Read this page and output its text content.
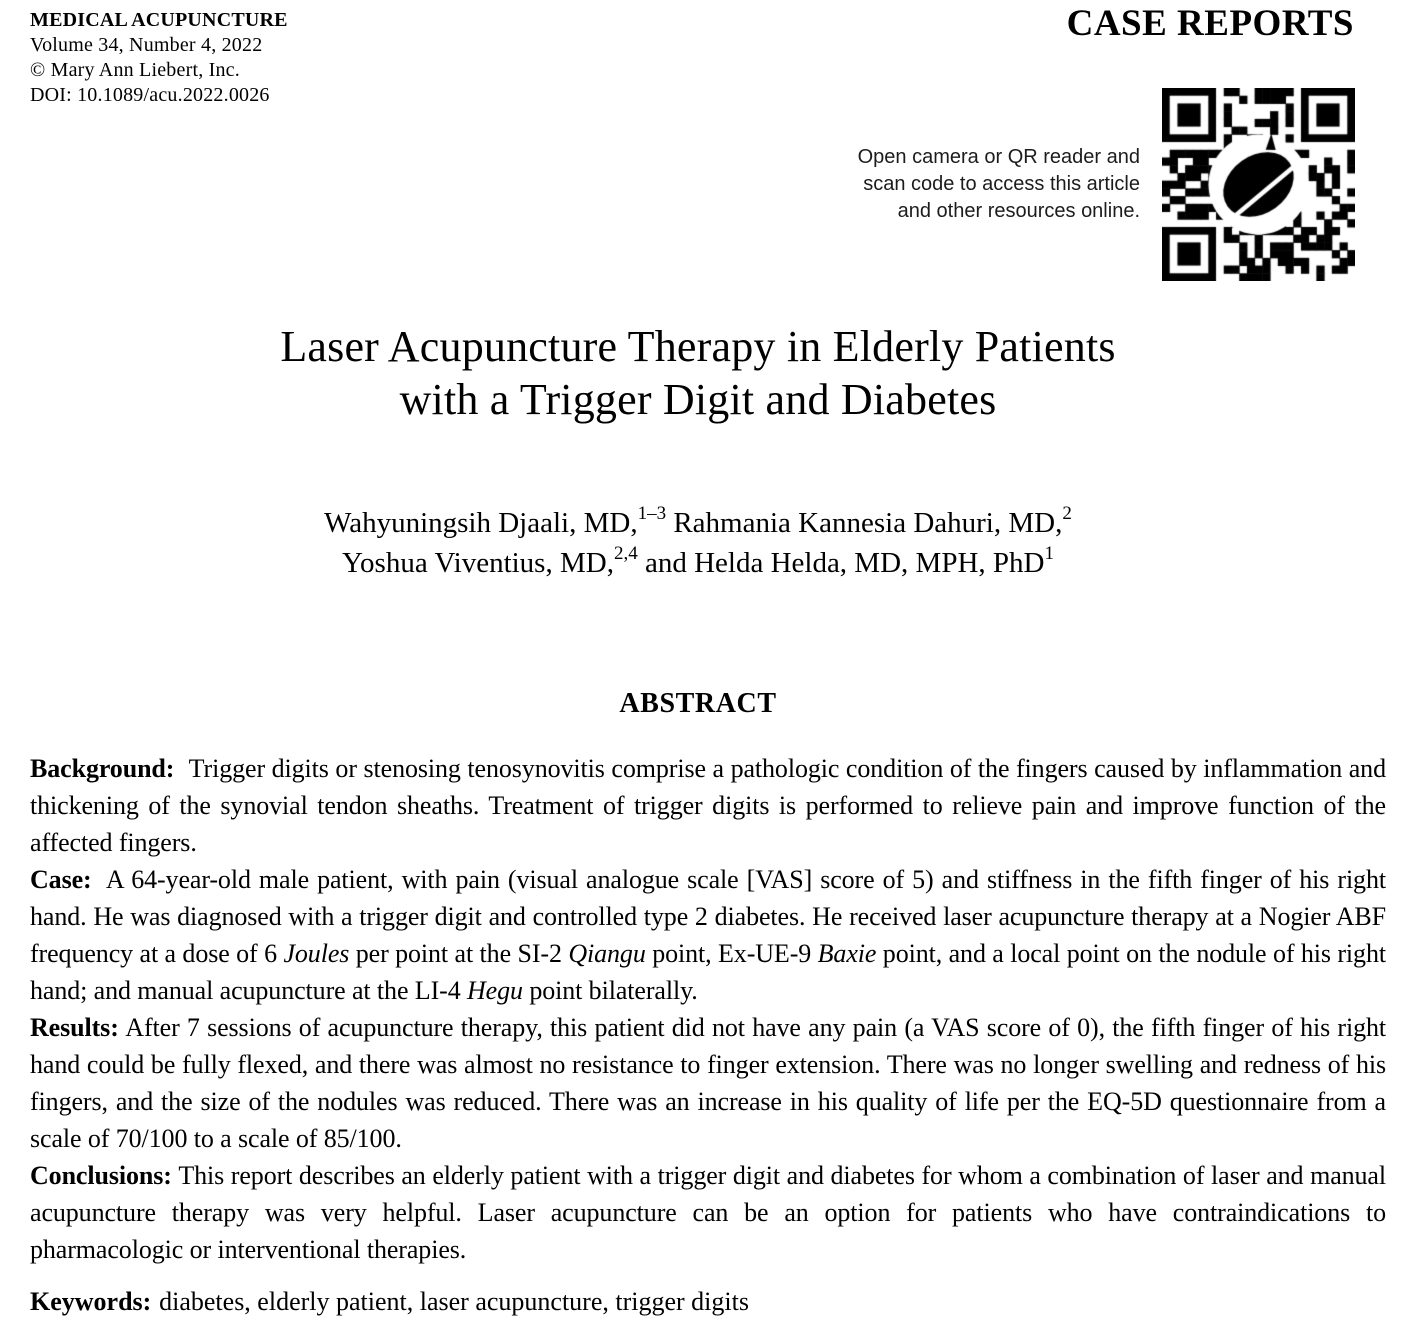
MEDICAL ACUPUNCTURE
Volume 34, Number 4, 2022
© Mary Ann Liebert, Inc.
DOI: 10.1089/acu.2022.0026
CASE REPORTS
Open camera or QR reader and
scan code to access this article
and other resources online.
Laser Acupuncture Therapy in Elderly Patients
with a Trigger Digit and Diabetes
Wahyuningsih Djaali, MD,$^{1-3}$ Rahmania Kannesia Dahuri, MD,$^2$
Yoshua Viventius, MD,$^{2,4}$ and Helda Helda, MD, MPH, PhD$^1$
ABSTRACT

Background: Trigger digits or stenosing tenosynovitis comprise a pathologic condition of the fingers caused by inflammation and thickening of the synovial tendon sheaths. Treatment of trigger digits is performed to relieve pain and improve function of the affected fingers.

Case: A 64-year-old male patient, with pain (visual analogue scale [VAS] score of 5) and stiffness in the fifth finger of his right hand. He was diagnosed with a trigger digit and controlled type 2 diabetes. He received laser acupuncture therapy at a Nogier ABF frequency at a dose of 6 Joules per point at the SI-2 Qiangu point, Ex-UE-9 Baxie point, and a local point on the nodule of his right hand; and manual acupuncture at the LI-4 Hegu point bilaterally.

Results: After 7 sessions of acupuncture therapy, this patient did not have any pain (a VAS score of 0), the fifth finger of his right hand could be fully flexed, and there was almost no resistance to finger extension. There was no longer swelling and redness of his fingers, and the size of the nodules was reduced. There was an increase in his quality of life per the EQ-5D questionnaire from a scale of 70/100 to a scale of 85/100.

Conclusions: This report describes an elderly patient with a trigger digit and diabetes for whom a combination of laser and manual acupuncture therapy was very helpful. Laser acupuncture can be an option for patients who have contraindications to pharmacologic or interventional therapies.

Keywords: diabetes, elderly patient, laser acupuncture, trigger digits
